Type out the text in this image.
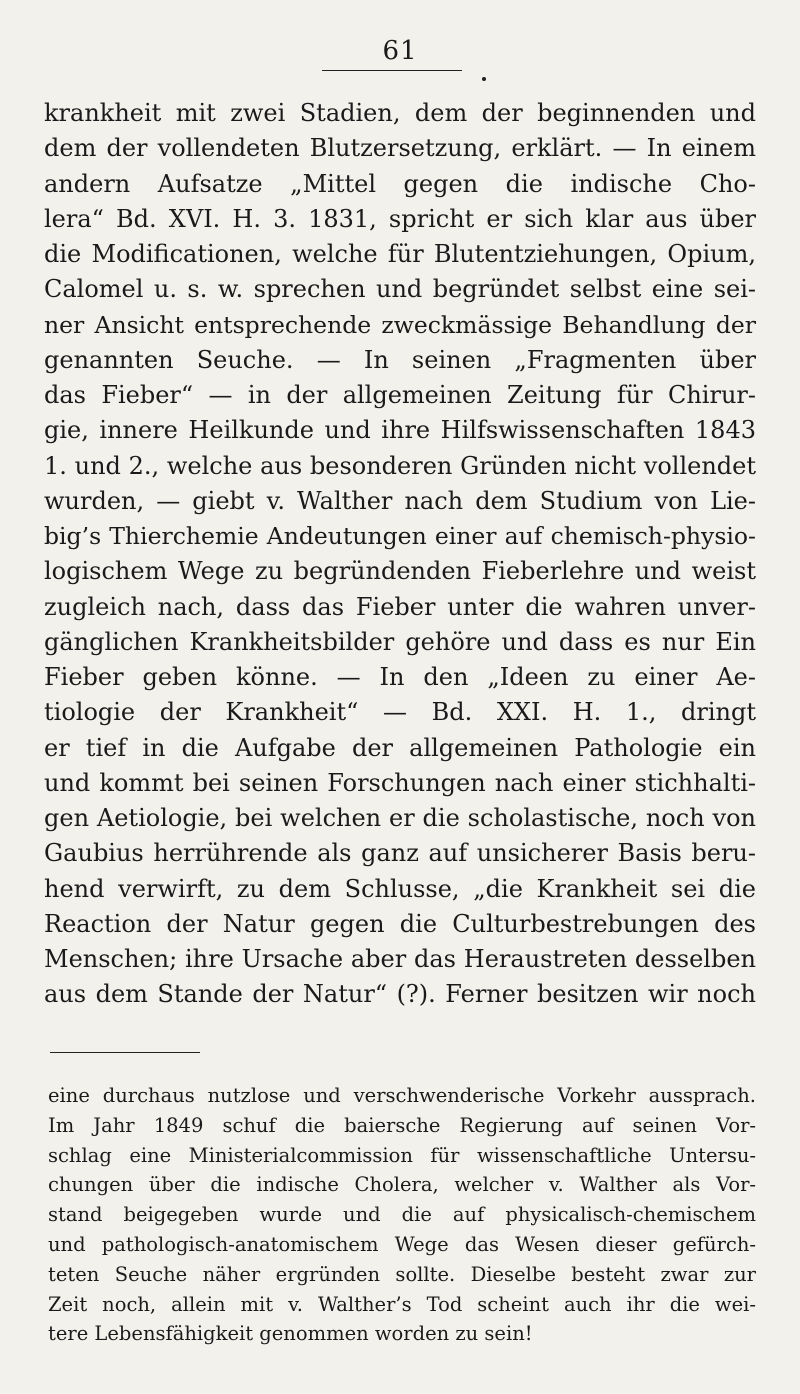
61
krankheit mit zwei Stadien, dem der beginnenden und
dem der vollendeten Blutzersetzung, erklärt. — In einem
andern Aufsatze „Mittel gegen die indische Cho-
lera“ Bd. XVI. H. 3. 1831, spricht er sich klar aus über
die Modificationen, welche für Blutentziehungen, Opium,
Calomel u. s. w. sprechen und begründet selbst eine sei-
ner Ansicht entsprechende zweckmässige Behandlung der
genannten Seuche. — In seinen „Fragmenten über
das Fieber“ — in der allgemeinen Zeitung für Chirur-
gie, innere Heilkunde und ihre Hilfswissenschaften 1843
1. und 2., welche aus besonderen Gründen nicht vollendet
wurden, — giebt v. Walther nach dem Studium von Lie-
big’s Thierchemie Andeutungen einer auf chemisch-physio-
logischem Wege zu begründenden Fieberlehre und weist
zugleich nach, dass das Fieber unter die wahren unver-
gänglichen Krankheitsbilder gehöre und dass es nur Ein
Fieber geben könne. — In den „Ideen zu einer Ae-
tiologie der Krankheit“ — Bd. XXI. H. 1., dringt
er tief in die Aufgabe der allgemeinen Pathologie ein
und kommt bei seinen Forschungen nach einer stichhalti-
gen Aetiologie, bei welchen er die scholastische, noch von
Gaubius herrührende als ganz auf unsicherer Basis beru-
hend verwirft, zu dem Schlusse, „die Krankheit sei die
Reaction der Natur gegen die Culturbestrebungen des
Menschen; ihre Ursache aber das Heraustreten desselben
aus dem Stande der Natur“ (?). Ferner besitzen wir noch
eine durchaus nutzlose und verschwenderische Vorkehr aussprach.
Im Jahr 1849 schuf die baiersche Regierung auf seinen Vor-
schlag eine Ministerialcommission für wissenschaftliche Untersu-
chungen über die indische Cholera, welcher v. Walther als Vor-
stand beigegeben wurde und die auf physicalisch-chemischem
und pathologisch-anatomischem Wege das Wesen dieser gefürch-
teten Seuche näher ergründen sollte. Dieselbe besteht zwar zur
Zeit noch, allein mit v. Walther’s Tod scheint auch ihr die wei-
tere Lebensfähigkeit genommen worden zu sein!
